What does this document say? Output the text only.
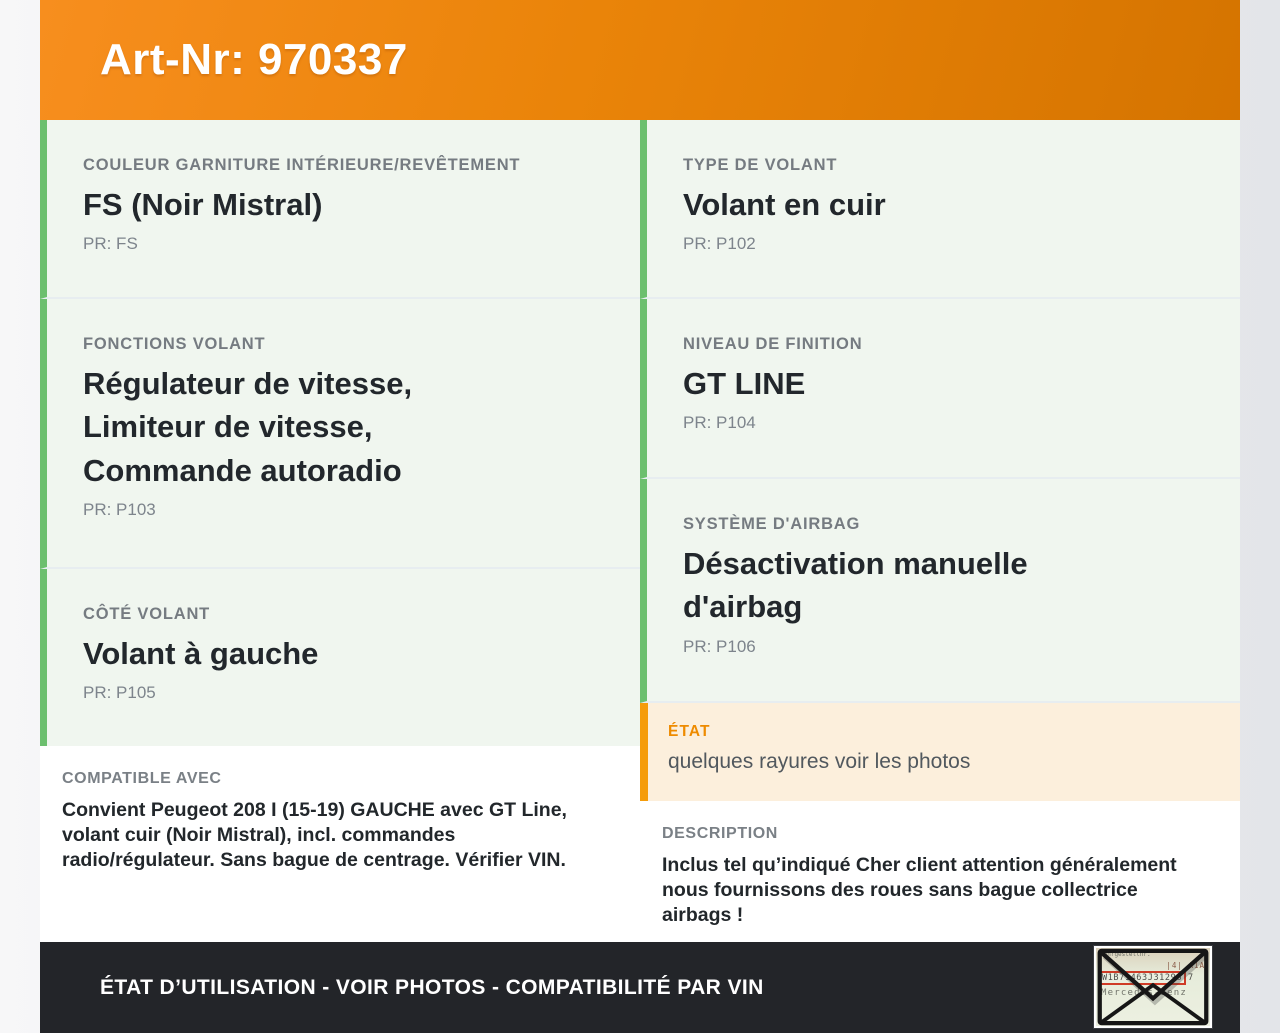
Art-Nr: 970337
COULEUR GARNITURE INTÉRIEURE/REVÊTEMENT
FS (Noir Mistral)
PR: FS
FONCTIONS VOLANT
Régulateur de vitesse, Limiteur de vitesse, Commande autoradio
PR: P103
CÔTÉ VOLANT
Volant à gauche
PR: P105
COMPATIBLE AVEC
Convient Peugeot 208 I (15-19) GAUCHE avec GT Line, volant cuir (Noir Mistral), incl. commandes radio/régulateur. Sans bague de centrage. Vérifier VIN.
TYPE DE VOLANT
Volant en cuir
PR: P102
NIVEAU DE FINITION
GT LINE
PR: P104
SYSTÈME D'AIRBAG
Désactivation manuelle d'airbag
PR: P106
ÉTAT
quelques rayures voir les photos
DESCRIPTION
Inclus tel qu’indiqué Cher client attention généralement nous fournissons des roues sans bague collectrice airbags !
ÉTAT D’UTILISATION - VOIR PHOTOS - COMPATIBILITÉ PAR VIN
Fahrgestellnr.
|4| A1A
W1B71463J31298 7
Mercedes-Benz
